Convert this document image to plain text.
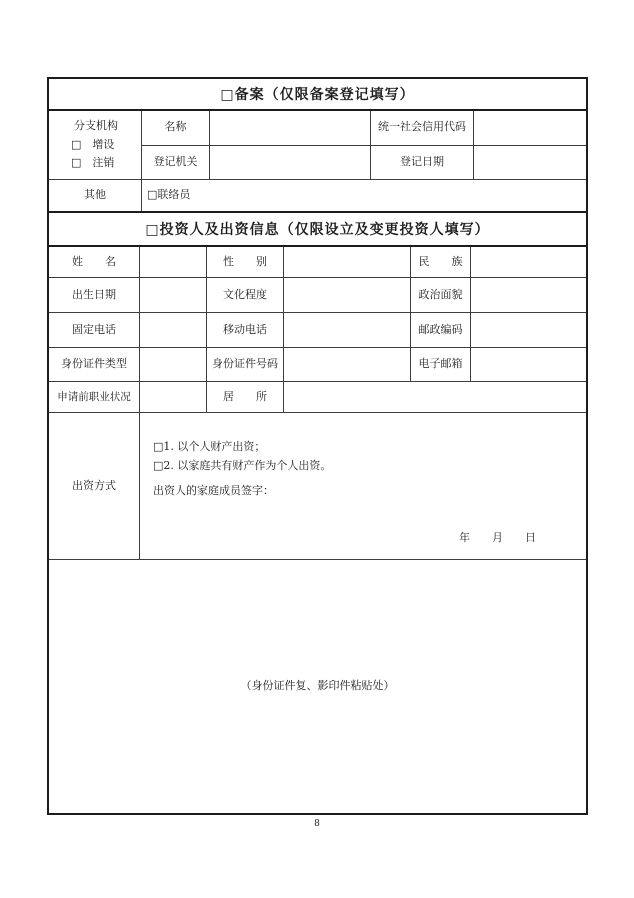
□备案（仅限备案登记填写）
分支机构
□　增设
□　注销
名称	统一社会信用代码
登记机关	登记日期
其他	□联络员
□投资人及出资信息（仅限设立及变更投资人填写）
姓　　名	性　　别	民　　族
出生日期	文化程度	政治面貌
固定电话	移动电话	邮政编码
身份证件类型	身份证件号码	电子邮箱
申请前职业状况	居　　所
出资方式
□1. 以个人财产出资；
□2. 以家庭共有财产作为个人出资。
出资人的家庭成员签字：
年　　月　　日
（身份证件复、影印件粘贴处）
8
